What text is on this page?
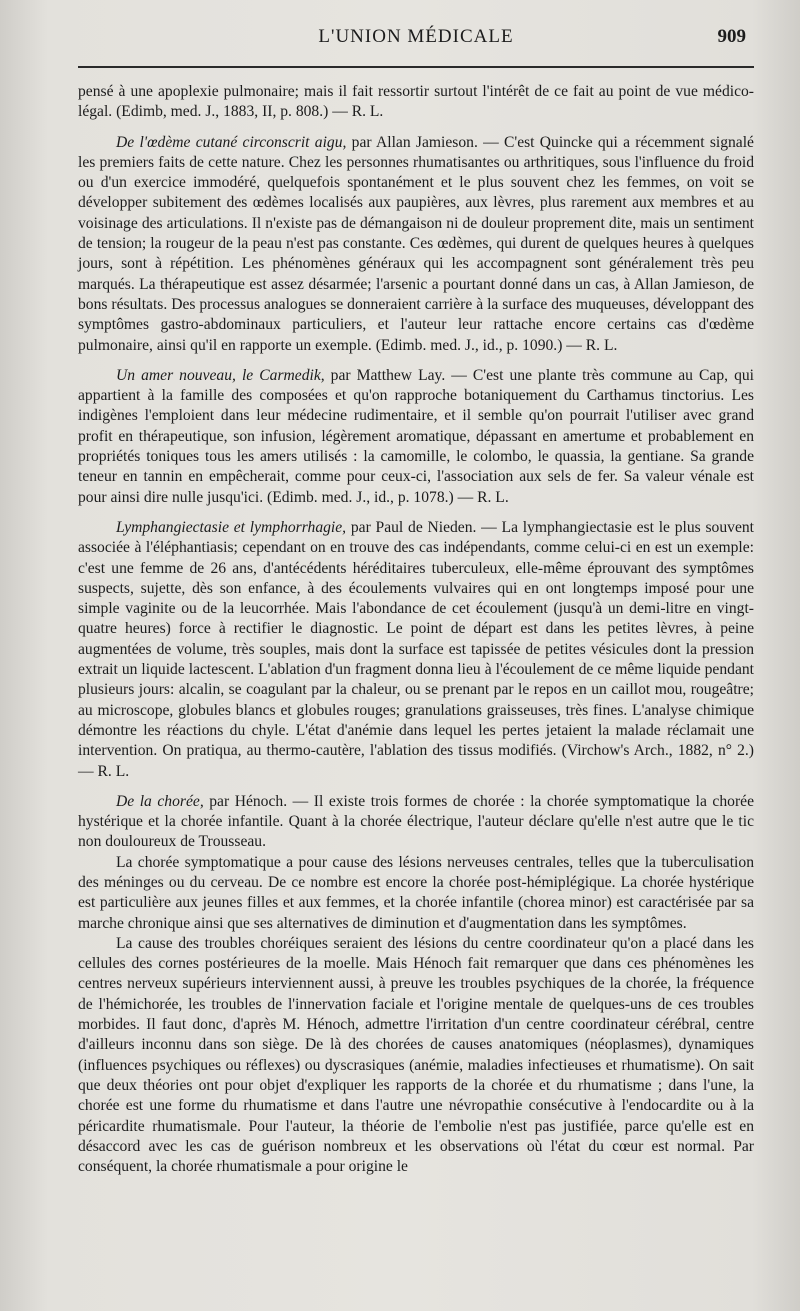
L'UNION MÉDICALE	909

pensé à une apoplexie pulmonaire; mais il fait ressortir surtout l'intérêt de ce fait au point de vue médico-légal. (Edimb, med. J., 1883, II, p. 808.) — R. L.

De l'œdème cutané circonscrit aigu, par Allan Jamieson. — C'est Quincke qui a récemment signalé les premiers faits de cette nature. Chez les personnes rhumatisantes ou arthritiques, sous l'influence du froid ou d'un exercice immodéré, quelquefois spontanément et le plus souvent chez les femmes, on voit se développer subitement des œdèmes localisés aux paupières, aux lèvres, plus rarement aux membres et au voisinage des articulations. Il n'existe pas de démangaison ni de douleur proprement dite, mais un sentiment de tension; la rougeur de la peau n'est pas constante. Ces œdèmes, qui durent de quelques heures à quelques jours, sont à répétition. Les phénomènes généraux qui les accompagnent sont généralement très peu marqués. La thérapeutique est assez désarmée; l'arsenic a pourtant donné dans un cas, à Allan Jamieson, de bons résultats. Des processus analogues se donneraient carrière à la surface des muqueuses, développant des symptômes gastro-abdominaux particuliers, et l'auteur leur rattache encore certains cas d'œdème pulmonaire, ainsi qu'il en rapporte un exemple. (Edimb. med. J., id., p. 1090.) — R. L.

Un amer nouveau, le Carmedik, par Matthew Lay. — C'est une plante très commune au Cap, qui appartient à la famille des composées et qu'on rapproche botaniquement du Carthamus tinctorius. Les indigènes l'emploient dans leur médecine rudimentaire, et il semble qu'on pourrait l'utiliser avec grand profit en thérapeutique, son infusion, légèrement aromatique, dépassant en amertume et probablement en propriétés toniques tous les amers utilisés : la camomille, le colombo, le quassia, la gentiane. Sa grande teneur en tannin en empêcherait, comme pour ceux-ci, l'association aux sels de fer. Sa valeur vénale est pour ainsi dire nulle jusqu'ici. (Edimb. med. J., id., p. 1078.) — R. L.

Lymphangiectasie et lymphorrhagie, par Paul de Nieden. — La lymphangiectasie est le plus souvent associée à l'éléphantiasis; cependant on en trouve des cas indépendants, comme celui-ci en est un exemple: c'est une femme de 26 ans, d'antécédents héréditaires tuberculeux, elle-même éprouvant des symptômes suspects, sujette, dès son enfance, à des écoulements vulvaires qui en ont longtemps imposé pour une simple vaginite ou de la leucorrhée. Mais l'abondance de cet écoulement (jusqu'à un demi-litre en vingt-quatre heures) force à rectifier le diagnostic. Le point de départ est dans les petites lèvres, à peine augmentées de volume, très souples, mais dont la surface est tapissée de petites vésicules dont la pression extrait un liquide lactescent. L'ablation d'un fragment donna lieu à l'écoulement de ce même liquide pendant plusieurs jours: alcalin, se coagulant par la chaleur, ou se prenant par le repos en un caillot mou, rougeâtre; au microscope, globules blancs et globules rouges; granulations graisseuses, très fines. L'analyse chimique démontre les réactions du chyle. L'état d'anémie dans lequel les pertes jetaient la malade réclamait une intervention. On pratiqua, au thermo-cautère, l'ablation des tissus modifiés. (Virchow's Arch., 1882, n° 2.) — R. L.

De la chorée, par Hénoch. — Il existe trois formes de chorée : la chorée symptomatique la chorée hystérique et la chorée infantile. Quant à la chorée électrique, l'auteur déclare qu'elle n'est autre que le tic non douloureux de Trousseau.

La chorée symptomatique a pour cause des lésions nerveuses centrales, telles que la tuberculisation des méninges ou du cerveau. De ce nombre est encore la chorée post-hémiplégique. La chorée hystérique est particulière aux jeunes filles et aux femmes, et la chorée infantile (chorea minor) est caractérisée par sa marche chronique ainsi que ses alternatives de diminution et d'augmentation dans les symptômes.

La cause des troubles choréiques seraient des lésions du centre coordinateur qu'on a placé dans les cellules des cornes postérieures de la moelle. Mais Hénoch fait remarquer que dans ces phénomènes les centres nerveux supérieurs interviennent aussi, à preuve les troubles psychiques de la chorée, la fréquence de l'hémichorée, les troubles de l'innervation faciale et l'origine mentale de quelques-uns de ces troubles morbides. Il faut donc, d'après M. Hénoch, admettre l'irritation d'un centre coordinateur cérébral, centre d'ailleurs inconnu dans son siège. De là des chorées de causes anatomiques (néoplasmes), dynamiques (influences psychiques ou réflexes) ou dyscrasiques (anémie, maladies infectieuses et rhumatisme). On sait que deux théories ont pour objet d'expliquer les rapports de la chorée et du rhumatisme ; dans l'une, la chorée est une forme du rhumatisme et dans l'autre une névropathie consécutive à l'endocardite ou à la péricardite rhumatismale. Pour l'auteur, la théorie de l'embolie n'est pas justifiée, parce qu'elle est en désaccord avec les cas de guérison nombreux et les observations où l'état du cœur est normal. Par conséquent, la chorée rhumatismale a pour origine le
